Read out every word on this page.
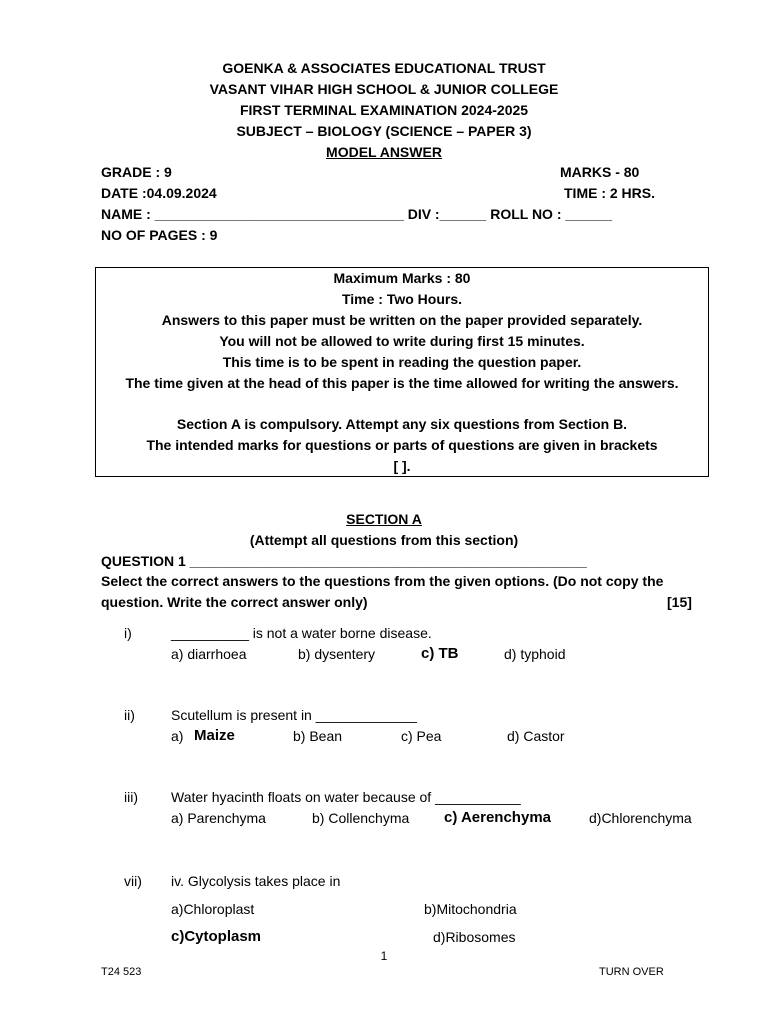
GOENKA & ASSOCIATES EDUCATIONAL TRUST
VASANT VIHAR HIGH SCHOOL & JUNIOR COLLEGE
FIRST TERMINAL EXAMINATION 2024-2025
SUBJECT – BIOLOGY (SCIENCE – PAPER 3)
MODEL ANSWER
GRADE : 9	MARKS - 80
DATE :04.09.2024	TIME : 2 HRS.
NAME : ________________________________ DIV :______ ROLL NO : ______
NO OF PAGES : 9
Maximum Marks : 80
Time : Two Hours.
Answers to this paper must be written on the paper provided separately.
You will not be allowed to write during first 15 minutes.
This time is to be spent in reading the question paper.
The time given at the head of this paper is the time allowed for writing the answers.
Section A is compulsory. Attempt any six questions from Section B.
The intended marks for questions or parts of questions are given in brackets
[ ].
SECTION A
(Attempt all questions from this section)
QUESTION 1 ___________________________________________________
Select the correct answers to the questions from the given options. (Do not copy the
question. Write the correct answer only)	[15]
i)	__________ is not a water borne disease.
a) diarrhoea	b) dysentery	c) TB	d) typhoid
ii)	Scutellum is present in _____________
a) Maize	b) Bean	c) Pea	d) Castor
iii) Water hyacinth floats on water because of ___________
a) Parenchyma	b) Collenchyma c) Aerenchyma	d)Chlorenchyma
vii) iv. Glycolysis takes place in
a)Chloroplast	b)Mitochondria
c)Cytoplasm	d)Ribosomes
1
T24 523	TURN OVER
